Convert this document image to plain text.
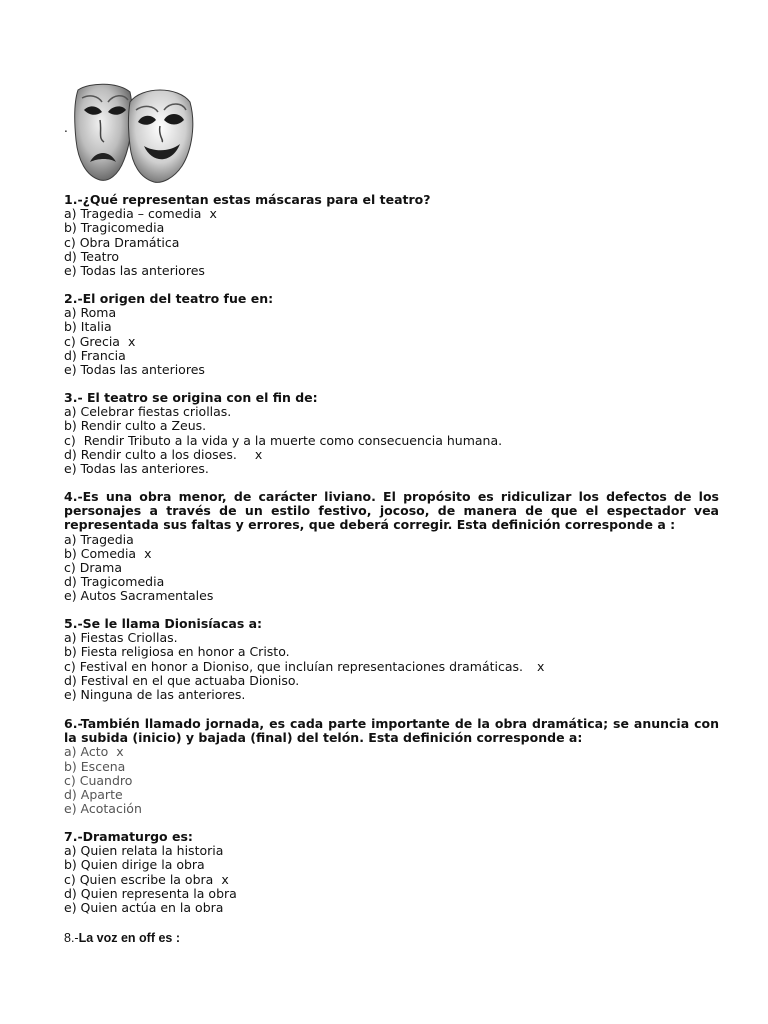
.
1.-¿Qué representan estas máscaras para el teatro?
a) Tragedia – comedia x
b) Tragicomedia
c) Obra Dramática
d) Teatro
e) Todas las anteriores
2.-El origen del teatro fue en:
a) Roma
b) Italia
c) Grecia x
d) Francia
e) Todas las anteriores
3.- El teatro se origina con el fin de:
a) Celebrar fiestas criollas.
b) Rendir culto a Zeus.
c)  Rendir Tributo a la vida y a la muerte como consecuencia humana.
d) Rendir culto a los dioses. x
e) Todas las anteriores.
4.-Es una obra menor, de carácter liviano. El propósito es ridiculizar los defectos de los personajes a través de un estilo festivo, jocoso, de manera de que el espectador vea representada sus faltas y errores, que deberá corregir. Esta definición corresponde a :
a) Tragedia
b) Comedia x
c) Drama
d) Tragicomedia
e) Autos Sacramentales
5.-Se le llama Dionisíacas a:
a) Fiestas Criollas.
b) Fiesta religiosa en honor a Cristo.
c) Festival en honor a Dioniso, que incluían representaciones dramáticas. x
d) Festival en el que actuaba Dioniso.
e) Ninguna de las anteriores.
6.-También llamado jornada, es cada parte importante de la obra dramática; se anuncia con la subida (inicio) y bajada (final) del telón. Esta definición corresponde a:
a) Acto x
b) Escena
c) Cuandro
d) Aparte
e) Acotación
7.-Dramaturgo es:
a) Quien relata la historia
b) Quien dirige la obra
c) Quien escribe la obra x
d) Quien representa la obra
e) Quien actúa en la obra
8.-La voz en off es :
